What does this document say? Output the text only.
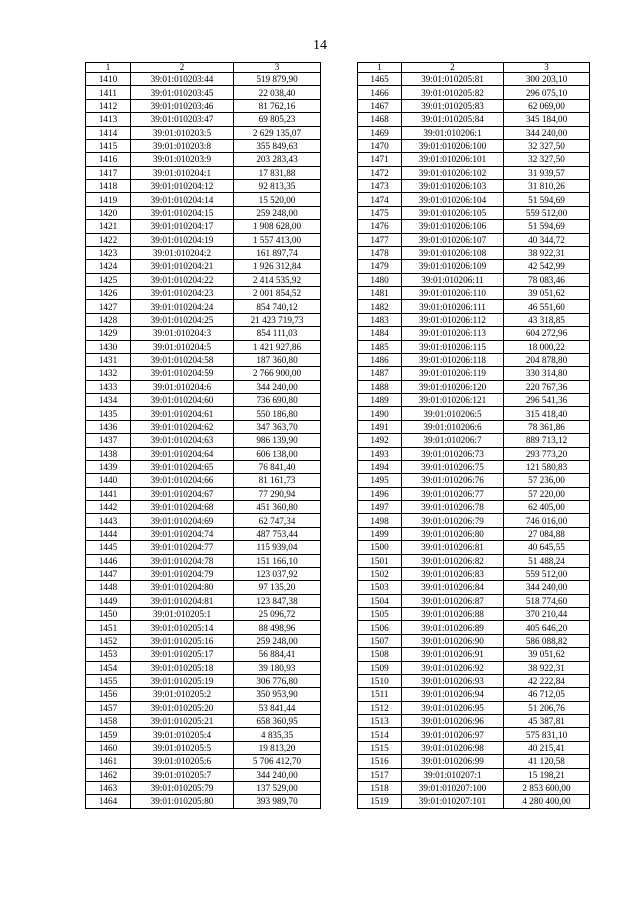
14
1	2	3
1410	39:01:010203:44	519 879,90
1411	39:01:010203:45	22 038,40
1412	39:01:010203:46	81 762,16
1413	39:01:010203:47	69 805,23
1414	39:01:010203:5	2 629 135,07
1415	39:01:010203:8	355 849,63
1416	39:01:010203:9	203 283,43
1417	39:01:010204:1	17 831,88
1418	39:01:010204:12	92 813,35
1419	39:01:010204:14	15 520,00
1420	39:01:010204:15	259 248,00
1421	39:01:010204:17	1 908 628,00
1422	39:01:010204:19	1 557 413,00
1423	39:01:010204:2	161 897,74
1424	39:01:010204:21	1 926 312,84
1425	39:01:010204:22	2 414 535,92
1426	39:01:010204:23	2 001 854,52
1427	39:01:010204:24	854 740,12
1428	39:01:010204:25	21 423 719,73
1429	39:01:010204:3	854 111,03
1430	39:01:010204:5	1 421 927,86
1431	39:01:010204:58	187 360,80
1432	39:01:010204:59	2 766 900,00
1433	39:01:010204:6	344 240,00
1434	39:01:010204:60	736 690,80
1435	39:01:010204:61	550 186,80
1436	39:01:010204:62	347 363,70
1437	39:01:010204:63	986 139,90
1438	39:01:010204:64	606 138,00
1439	39:01:010204:65	76 841,40
1440	39:01:010204:66	81 161,73
1441	39:01:010204:67	77 290,94
1442	39:01:010204:68	451 360,80
1443	39:01:010204:69	62 747,34
1444	39:01:010204:74	487 753,44
1445	39:01:010204:77	115 939,04
1446	39:01:010204:78	151 166,10
1447	39:01:010204:79	123 037,92
1448	39:01:010204:80	97 135,20
1449	39:01:010204:81	123 847,38
1450	39:01:010205:1	25 096,72
1451	39:01:010205:14	88 498,96
1452	39:01:010205:16	259 248,00
1453	39:01:010205:17	56 884,41
1454	39:01:010205:18	39 180,93
1455	39:01:010205:19	306 776,80
1456	39:01:010205:2	350 953,90
1457	39:01:010205:20	53 841,44
1458	39:01:010205:21	658 360,95
1459	39:01:010205:4	4 835,35
1460	39:01:010205:5	19 813,20
1461	39:01:010205:6	5 706 412,70
1462	39:01:010205:7	344 240,00
1463	39:01:010205:79	137 529,00
1464	39:01:010205:80	393 989,70
1	2	3
1465	39:01:010205:81	300 203,10
1466	39:01:010205:82	296 075,10
1467	39:01:010205:83	62 069,00
1468	39:01:010205:84	345 184,00
1469	39:01:010206:1	344 240,00
1470	39:01:010206:100	32 327,50
1471	39:01:010206:101	32 327,50
1472	39:01:010206:102	31 939,57
1473	39:01:010206:103	31 810,26
1474	39:01:010206:104	51 594,69
1475	39:01:010206:105	559 512,00
1476	39:01:010206:106	51 594,69
1477	39:01:010206:107	40 344,72
1478	39:01:010206:108	38 922,31
1479	39:01:010206:109	42 542,99
1480	39:01:010206:11	78 083,46
1481	39:01:010206:110	39 051,62
1482	39:01:010206:111	46 551,60
1483	39:01:010206:112	43 318,85
1484	39:01:010206:113	604 272,96
1485	39:01:010206:115	18 000,22
1486	39:01:010206:118	204 878,80
1487	39:01:010206:119	330 314,80
1488	39:01:010206:120	220 767,36
1489	39:01:010206:121	296 541,36
1490	39:01:010206:5	315 418,40
1491	39:01:010206:6	78 361,86
1492	39:01:010206:7	889 713,12
1493	39:01:010206:73	293 773,20
1494	39:01:010206:75	121 580,83
1495	39:01:010206:76	57 236,00
1496	39:01:010206:77	57 220,00
1497	39:01:010206:78	62 405,00
1498	39:01:010206:79	746 016,00
1499	39:01:010206:80	27 084,88
1500	39:01:010206:81	40 645,55
1501	39:01:010206:82	51 488,24
1502	39:01:010206:83	559 512,00
1503	39:01:010206:84	344 240,00
1504	39:01:010206:87	518 774,60
1505	39:01:010206:88	370 210,44
1506	39:01:010206:89	405 646,20
1507	39:01:010206:90	586 088,82
1508	39:01:010206:91	39 051,62
1509	39:01:010206:92	38 922,31
1510	39:01:010206:93	42 222,84
1511	39:01:010206:94	46 712,05
1512	39:01:010206:95	51 206,76
1513	39:01:010206:96	45 387,81
1514	39:01:010206:97	575 831,10
1515	39:01:010206:98	40 215,41
1516	39:01:010206:99	41 120,58
1517	39:01:010207:1	15 198,21
1518	39:01:010207:100	2 853 600,00
1519	39:01:010207:101	4 280 400,00
